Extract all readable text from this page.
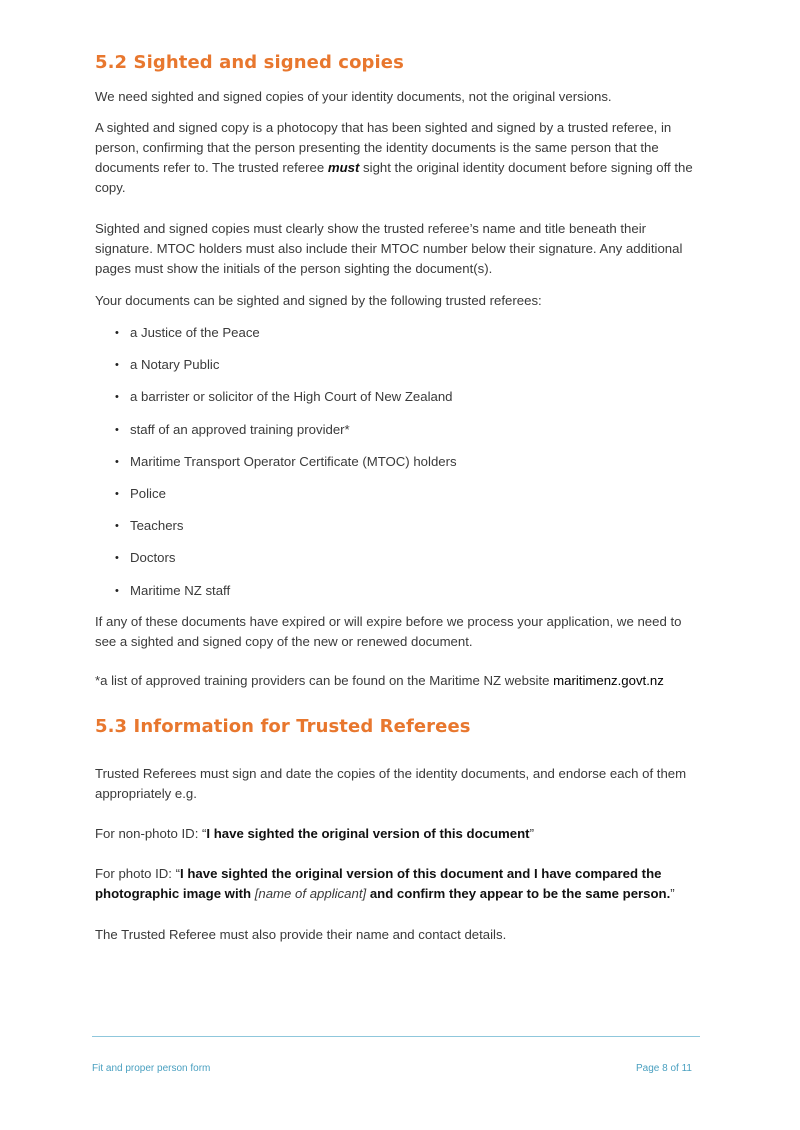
5.2 Sighted and signed copies

We need sighted and signed copies of your identity documents, not the original versions.

A sighted and signed copy is a photocopy that has been sighted and signed by a trusted referee, in person, confirming that the person presenting the identity documents is the same person that the documents refer to. The trusted referee must sight the original identity document before signing off the copy.

Sighted and signed copies must clearly show the trusted referee’s name and title beneath their signature. MTOC holders must also include their MTOC number below their signature. Any additional pages must show the initials of the person sighting the document(s).

Your documents can be sighted and signed by the following trusted referees:

• a Justice of the Peace
• a Notary Public
• a barrister or solicitor of the High Court of New Zealand
• staff of an approved training provider*
• Maritime Transport Operator Certificate (MTOC) holders
• Police
• Teachers
• Doctors
• Maritime NZ staff

If any of these documents have expired or will expire before we process your application, we need to see a sighted and signed copy of the new or renewed document.

*a list of approved training providers can be found on the Maritime NZ website maritimenz.govt.nz

5.3 Information for Trusted Referees

Trusted Referees must sign and date the copies of the identity documents, and endorse each of them appropriately e.g.

For non-photo ID: “I have sighted the original version of this document”

For photo ID: “I have sighted the original version of this document and I have compared the photographic image with [name of applicant] and confirm they appear to be the same person.”

The Trusted Referee must also provide their name and contact details.

Fit and proper person form	Page 8 of 11
